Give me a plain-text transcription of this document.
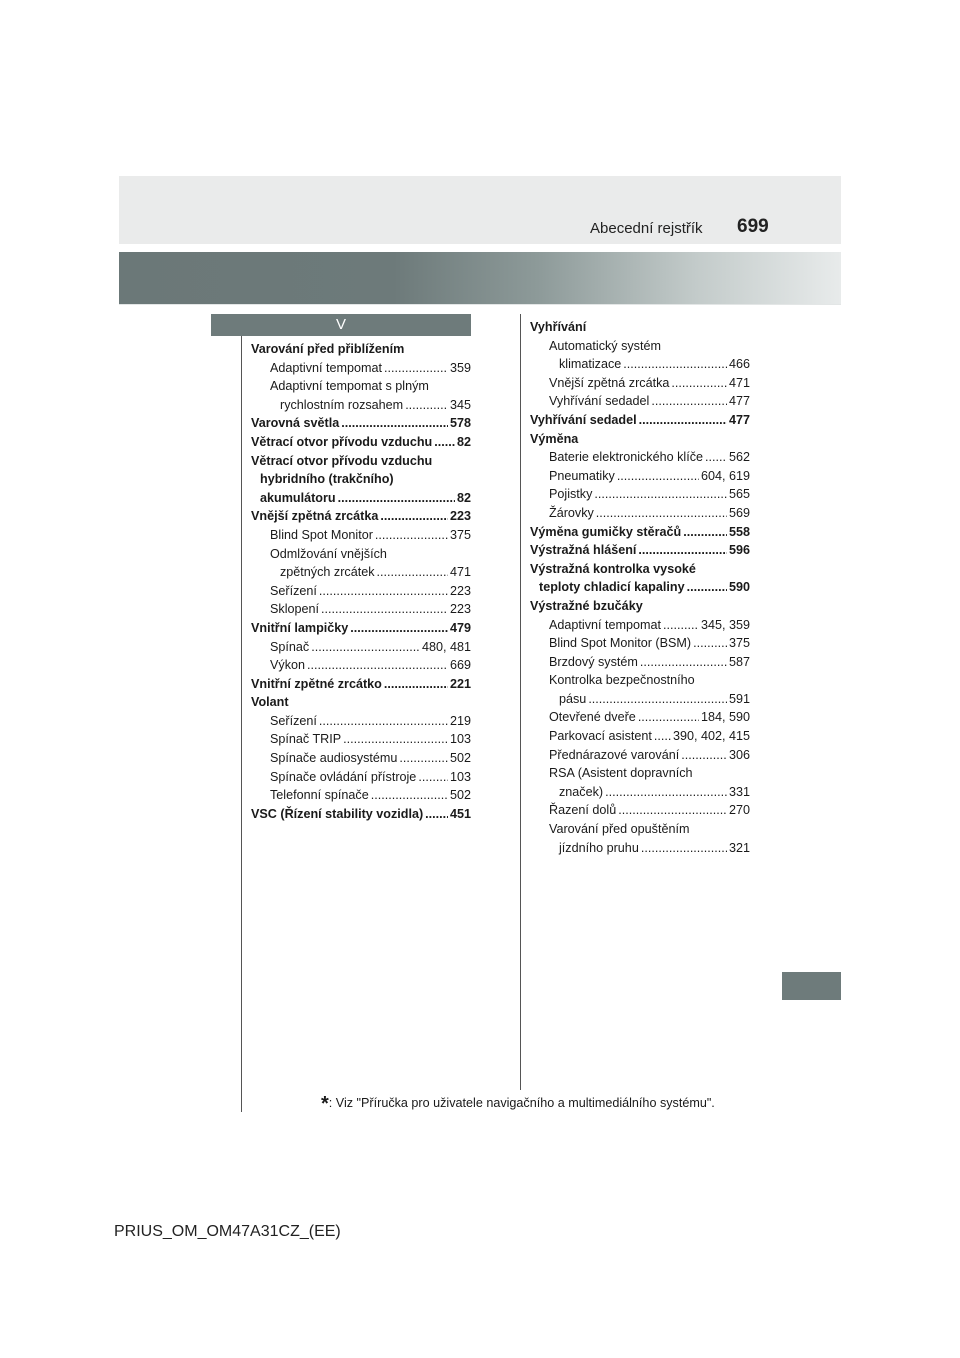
Abecední rejstřík 699
V
Varování před přiblížením
Adaptivní tempomat .....	359
Adaptivní tempomat s plným
rychlostním rozsahem .....	345
Varovná světla .....	578
Větrací otvor přívodu vzduchu ..... 82
Větrací otvor přívodu vzduchu
hybridního (trakčního)
akumulátoru .....	82
Vnější zpětná zrcátka .....	223
Blind Spot Monitor .....	375
Odmlžování vnějších
zpětných zrcátek .....	471
Seřízení .....	223
Sklopení .....	223
Vnitřní lampičky .....	479
Spínač .....	480, 481
Výkon .....	669
Vnitřní zpětné zrcátko .....	221
Volant
Seřízení .....	219
Spínač TRIP .....	103
Spínače audiosystému .....	502
Spínače ovládání přístroje .....	103
Telefonní spínače .....	502
VSC (Řízení stability vozidla) ..... 451
Vyhřívání
Automatický systém
klimatizace .....	466
Vnější zpětná zrcátka .....	471
Vyhřívání sedadel .....	477
Vyhřívání sedadel .....	477
Výměna
Baterie elektronického klíče ..... 562
Pneumatiky .....	604, 619
Pojistky .....	565
Žárovky .....	569
Výměna gumičky stěračů .....	558
Výstražná hlášení .....	596
Výstražná kontrolka vysoké
teploty chladicí kapaliny .....	590
Výstražné bzučáky
Adaptivní tempomat .....	345, 359
Blind Spot Monitor (BSM) .....	375
Brzdový systém .....	587
Kontrolka bezpečnostního
pásu .....	591
Otevřené dveře .....	184, 590
Parkovací asistent ..... 390, 402, 415
Přednárazové varování .....	306
RSA (Asistent dopravních
značek) .....	331
Řazení dolů .....	270
Varování před opuštěním
jízdního pruhu .....	321
*: Viz "Příručka pro uživatele navigačního a multimediálního systému".
PRIUS_OM_OM47A31CZ_(EE)
